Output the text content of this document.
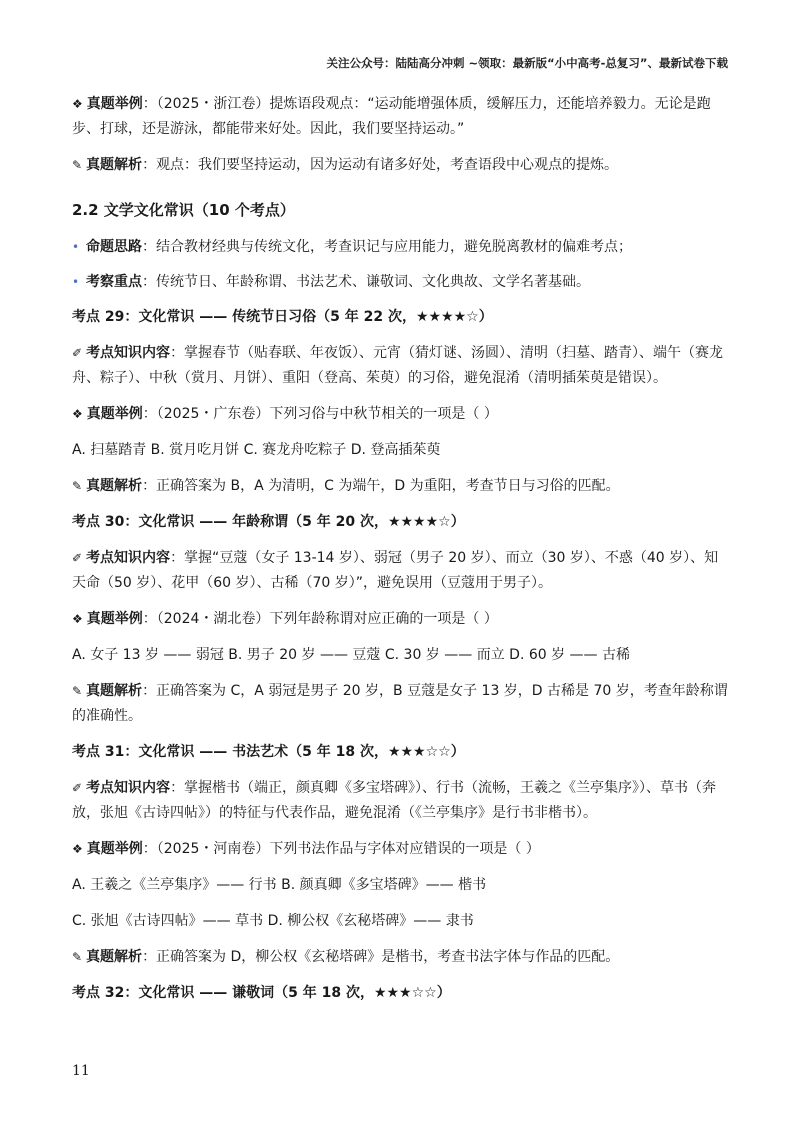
关注公众号：陆陆高分冲刺 ~领取：最新版“小中高考-总复习”、最新试卷下载

❖ 真题举例：（2025・浙江卷）提炼语段观点：“运动能增强体质，缓解压力，还能培养毅力。无论是跑步、打球，还是游泳，都能带来好处。因此，我们要坚持运动。”

✎ 真题解析：观点：我们要坚持运动，因为运动有诸多好处，考查语段中心观点的提炼。

2.2 文学文化常识（10 个考点）
• 命题思路：结合教材经典与传统文化，考查识记与应用能力，避免脱离教材的偏难考点；
• 考察重点：传统节日、年龄称谓、书法艺术、谦敬词、文化典故、文学名著基础。
考点 29：文化常识 —— 传统节日习俗（5 年 22 次，★★★★☆）

✐ 考点知识内容：掌握春节（贴春联、年夜饭）、元宵（猜灯谜、汤圆）、清明（扫墓、踏青）、端午（赛龙舟、粽子）、中秋（赏月、月饼）、重阳（登高、茱萸）的习俗，避免混淆（清明插茱萸是错误）。

❖ 真题举例：（2025・广东卷）下列习俗与中秋节相关的一项是（ ）

A. 扫墓踏青 B. 赏月吃月饼 C. 赛龙舟吃粽子 D. 登高插茱萸

✎ 真题解析：正确答案为 B，A 为清明，C 为端午，D 为重阳，考查节日与习俗的匹配。

考点 30：文化常识 —— 年龄称谓（5 年 20 次，★★★★☆）

✐ 考点知识内容：掌握“豆蔻（女子 13-14 岁）、弱冠（男子 20 岁）、而立（30 岁）、不惑（40 岁）、知天命（50 岁）、花甲（60 岁）、古稀（70 岁）”，避免误用（豆蔻用于男子）。

❖ 真题举例：（2024・湖北卷）下列年龄称谓对应正确的一项是（ ）

A. 女子 13 岁 —— 弱冠 B. 男子 20 岁 —— 豆蔻 C. 30 岁 —— 而立 D. 60 岁 —— 古稀

✎ 真题解析：正确答案为 C，A 弱冠是男子 20 岁，B 豆蔻是女子 13 岁，D 古稀是 70 岁，考查年龄称谓的准确性。

考点 31：文化常识 —— 书法艺术（5 年 18 次，★★★☆☆）

✐ 考点知识内容：掌握楷书（端正，颜真卿《多宝塔碑》）、行书（流畅，王羲之《兰亭集序》）、草书（奔放，张旭《古诗四帖》）的特征与代表作品，避免混淆（《兰亭集序》是行书非楷书）。

❖ 真题举例：（2025・河南卷）下列书法作品与字体对应错误的一项是（ ）

A. 王羲之《兰亭集序》—— 行书 B. 颜真卿《多宝塔碑》—— 楷书

C. 张旭《古诗四帖》—— 草书 D. 柳公权《玄秘塔碑》—— 隶书

✎ 真题解析：正确答案为 D，柳公权《玄秘塔碑》是楷书，考查书法字体与作品的匹配。

考点 32：文化常识 —— 谦敬词（5 年 18 次，★★★☆☆）
11
